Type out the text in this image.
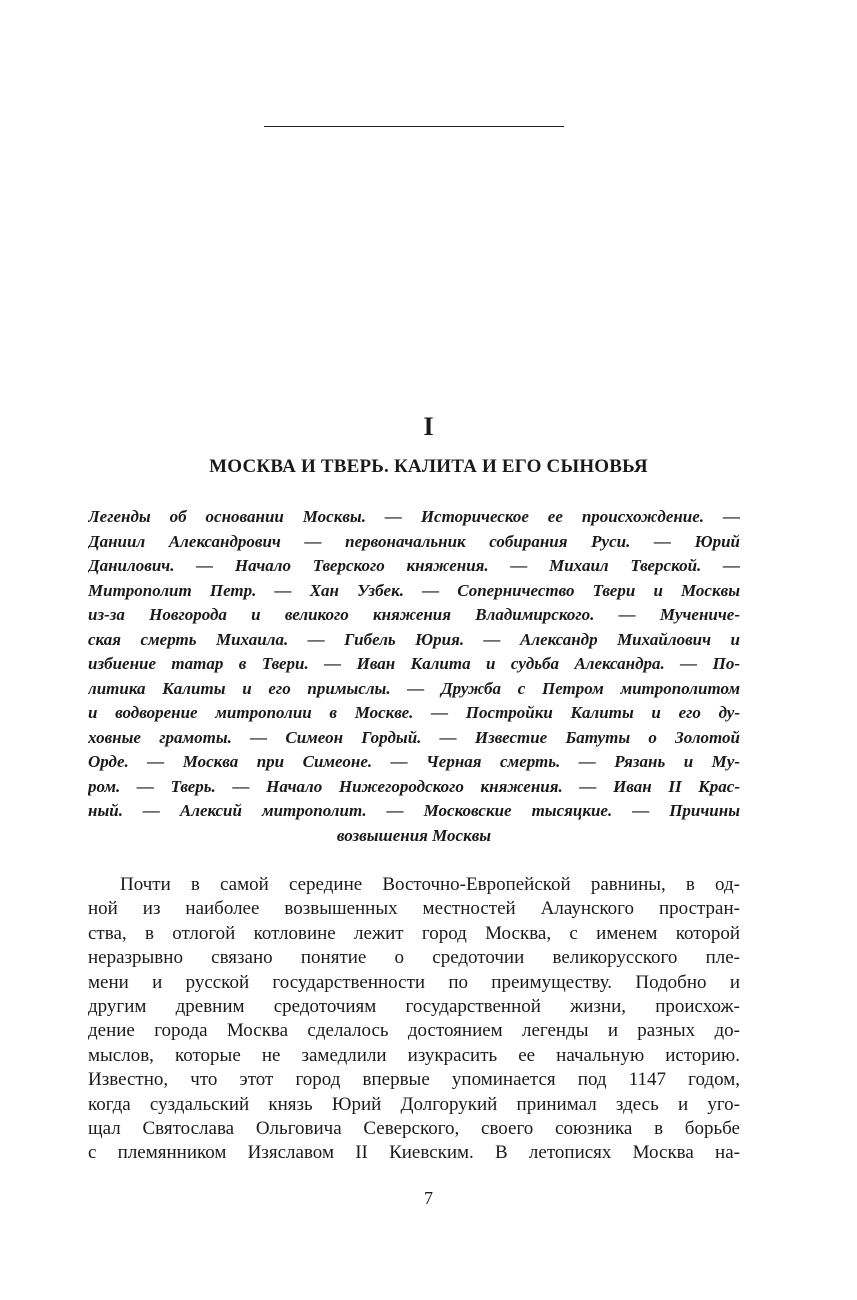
I
МОСКВА И ТВЕРЬ. КАЛИТА И ЕГО СЫНОВЬЯ
Легенды об основании Москвы. — Историческое ее происхождение. —
Даниил Александрович — первоначальник собирания Руси. — Юрий
Данилович. — Начало Тверского княжения. — Михаил Тверской. —
Митрополит Петр. — Хан Узбек. — Соперничество Твери и Москвы
из-за Новгорода и великого княжения Владимирского. — Мучениче-
ская смерть Михаила. — Гибель Юрия. — Александр Михайлович и
избиение татар в Твери. — Иван Калита и судьба Александра. — По-
литика Калиты и его примыслы. — Дружба с Петром митрополитом
и водворение митрополии в Москве. — Постройки Калиты и его ду-
ховные грамоты. — Симеон Гордый. — Известие Батуты о Золотой
Орде. — Москва при Симеоне. — Черная смерть. — Рязань и Му-
ром. — Тверь. — Начало Нижегородского княжения. — Иван II Крас-
ный. — Алексий митрополит. — Московские тысяцкие. — Причины
возвышения Москвы
Почти в самой середине Восточно-Европейской равнины, в од-
ной из наиболее возвышенных местностей Алаунского простран-
ства, в отлогой котловине лежит город Москва, с именем которой
неразрывно связано понятие о средоточии великорусского пле-
мени и русской государственности по преимуществу. Подобно и
другим древним средоточиям государственной жизни, происхож-
дение города Москва сделалось достоянием легенды и разных до-
мыслов, которые не замедлили изукрасить ее начальную историю.
Известно, что этот город впервые упоминается под 1147 годом,
когда суздальский князь Юрий Долгорукий принимал здесь и уго-
щал Святослава Ольговича Северского, своего союзника в борьбе
с племянником Изяславом II Киевским. В летописях Москва на-
7
